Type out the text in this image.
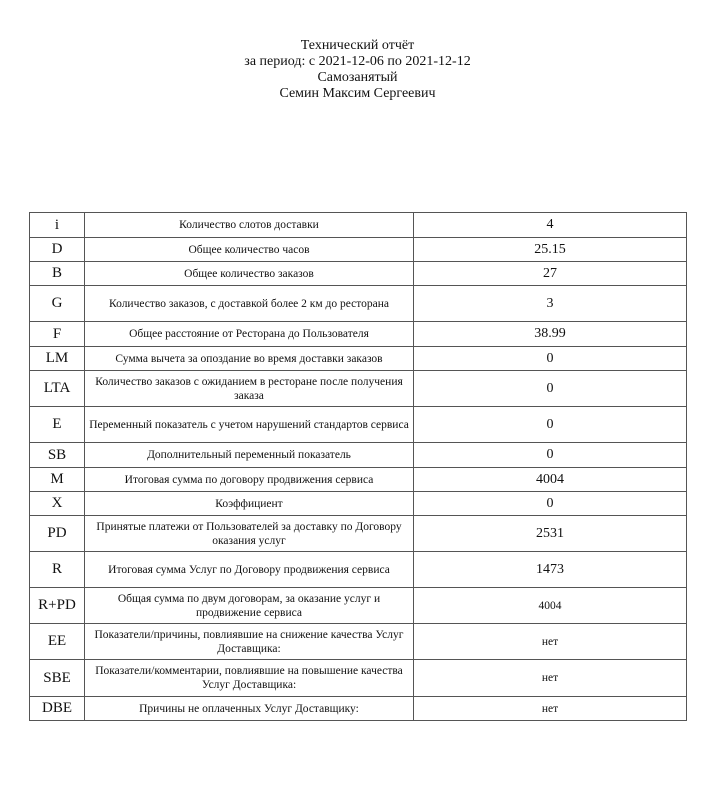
Технический отчёт
за период: с 2021-12-06 по 2021-12-12
Самозанятый
Семин Максим Сергеевич
i	Количество слотов доставки	4
D	Общее количество часов	25.15
B	Общее количество заказов	27
G	Количество заказов, с доставкой более 2 км до ресторана	3
F	Общее расстояние от Ресторана до Пользователя	38.99
LM	Сумма вычета за опоздание во время доставки заказов	0
LTA	Количество заказов с ожиданием в ресторане после получения заказа	0
E	Переменный показатель с учетом нарушений стандартов сервиса	0
SB	Дополнительный переменный показатель	0
M	Итоговая сумма по договору продвижения сервиса	4004
X	Коэффициент	0
PD	Принятые платежи от Пользователей за доставку по Договору оказания услуг	2531
R	Итоговая сумма Услуг по Договору продвижения сервиса	1473
R+PD	Общая сумма по двум договорам, за оказание услуг и продвижение сервиса	4004
EE	Показатели/причины, повлиявшие на снижение качества Услуг Доставщика:	нет
SBE	Показатели/комментарии, повлиявшие на повышение качества Услуг Доставщика:	нет
DBE	Причины не оплаченных Услуг Доставщику:	нет
